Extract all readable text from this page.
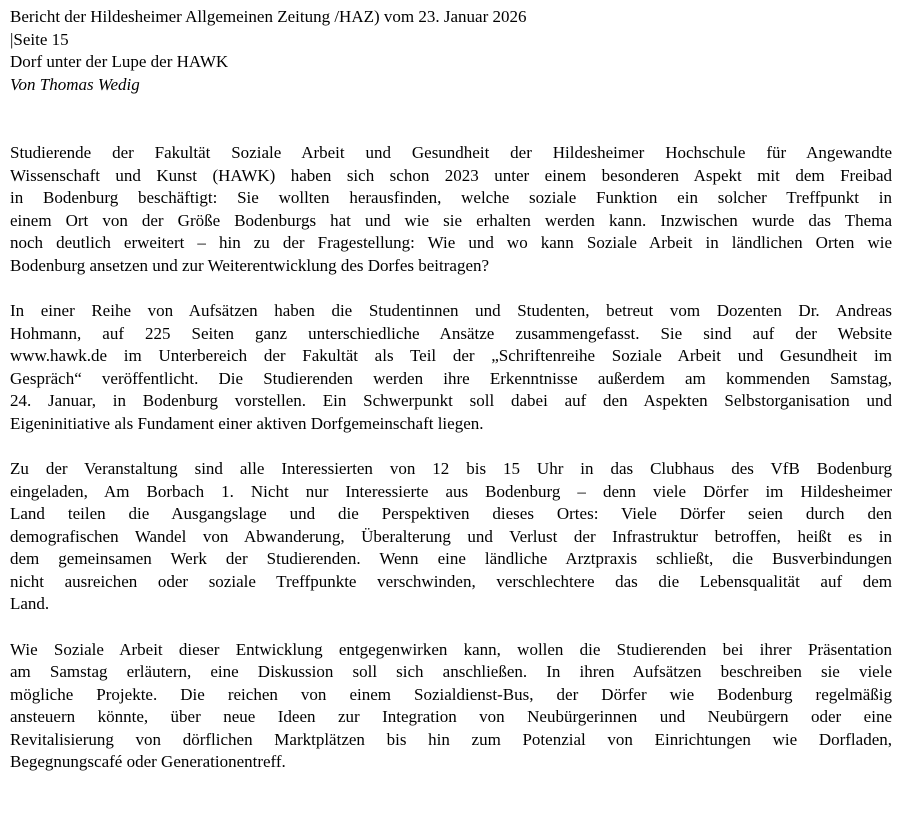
Bericht der Hildesheimer Allgemeinen Zeitung /HAZ) vom 23. Januar 2026

|Seite 15

Dorf unter der Lupe der HAWK

Von Thomas Wedig

Studierende der Fakultät Soziale Arbeit und Gesundheit der Hildesheimer Hochschule für Angewandte
Wissenschaft und Kunst (HAWK) haben sich schon 2023 unter einem besonderen Aspekt mit dem Freibad
in Bodenburg beschäftigt: Sie wollten herausfinden, welche soziale Funktion ein solcher Treffpunkt in
einem Ort von der Größe Bodenburgs hat und wie sie erhalten werden kann. Inzwischen wurde das Thema
noch deutlich erweitert – hin zu der Fragestellung: Wie und wo kann Soziale Arbeit in ländlichen Orten wie
Bodenburg ansetzen und zur Weiterentwicklung des Dorfes beitragen?

In einer Reihe von Aufsätzen haben die Studentinnen und Studenten, betreut vom Dozenten Dr. Andreas
Hohmann, auf 225 Seiten ganz unterschiedliche Ansätze zusammengefasst. Sie sind auf der Website
www.hawk.de im Unterbereich der Fakultät als Teil der „Schriftenreihe Soziale Arbeit und Gesundheit im
Gespräch“ veröffentlicht. Die Studierenden werden ihre Erkenntnisse außerdem am kommenden Samstag,
24. Januar, in Bodenburg vorstellen. Ein Schwerpunkt soll dabei auf den Aspekten Selbstorganisation und
Eigeninitiative als Fundament einer aktiven Dorfgemeinschaft liegen.

Zu der Veranstaltung sind alle Interessierten von 12 bis 15 Uhr in das Clubhaus des VfB Bodenburg
eingeladen, Am Borbach 1. Nicht nur Interessierte aus Bodenburg – denn viele Dörfer im Hildesheimer
Land teilen die Ausgangslage und die Perspektiven dieses Ortes: Viele Dörfer seien durch den
demografischen Wandel von Abwanderung, Überalterung und Verlust der Infrastruktur betroffen, heißt es in
dem gemeinsamen Werk der Studierenden. Wenn eine ländliche Arztpraxis schließt, die Busverbindungen
nicht ausreichen oder soziale Treffpunkte verschwinden, verschlechtere das die Lebensqualität auf dem
Land.

Wie Soziale Arbeit dieser Entwicklung entgegenwirken kann, wollen die Studierenden bei ihrer Präsentation
am Samstag erläutern, eine Diskussion soll sich anschließen. In ihren Aufsätzen beschreiben sie viele
mögliche Projekte. Die reichen von einem Sozialdienst-Bus, der Dörfer wie Bodenburg regelmäßig
ansteuern könnte, über neue Ideen zur Integration von Neubürgerinnen und Neubürgern oder eine
Revitalisierung von dörflichen Marktplätzen bis hin zum Potenzial von Einrichtungen wie Dorfladen,
Begegnungscafé oder Generationentreff.
